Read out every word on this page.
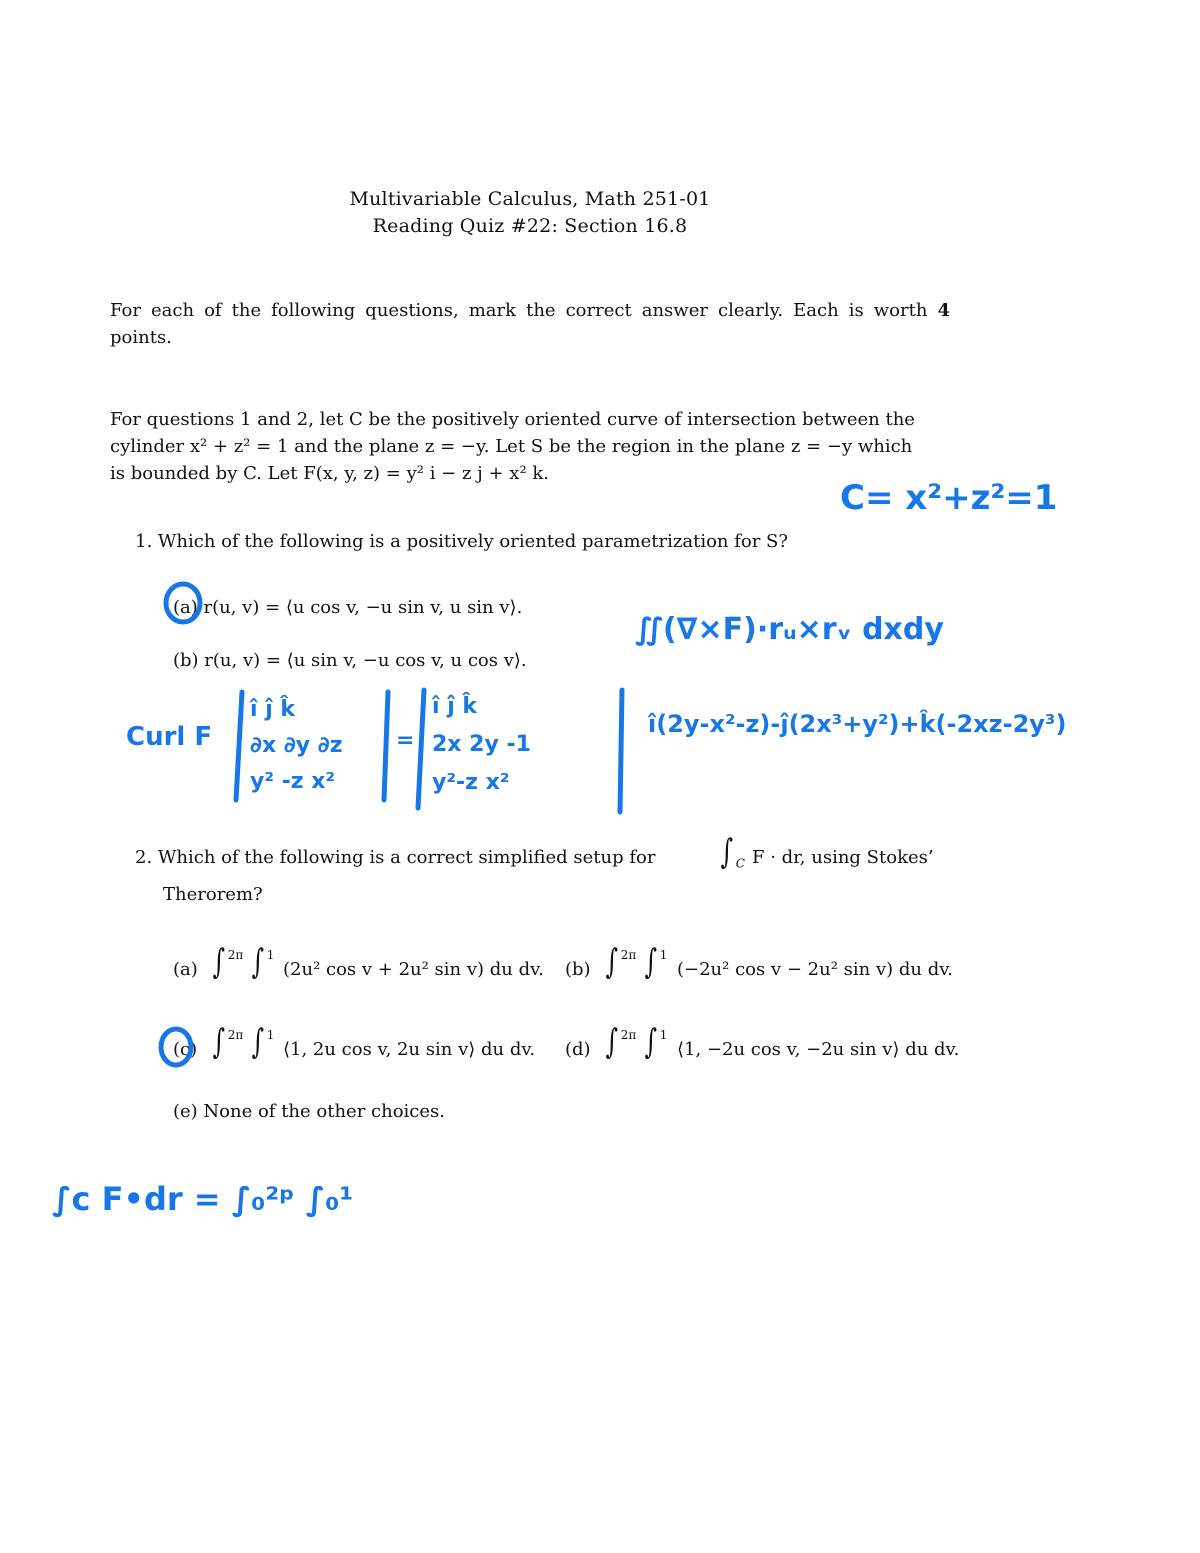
Multivariable Calculus, Math 251-01
Reading Quiz #22: Section 16.8
For each of the following questions, mark the correct answer clearly. Each is worth 4 points.
For questions 1 and 2, let C be the positively oriented curve of intersection between the
cylinder x² + z² = 1 and the plane z = −y. Let S be the region in the plane z = −y which
is bounded by C. Let F(x, y, z) = y² i − z j + x² k.
1. Which of the following is a positively oriented parametrization for S?
(a) r(u, v) = ⟨u cos v, −u sin v, u sin v⟩.
(b) r(u, v) = ⟨u sin v, −u cos v, u cos v⟩.
2. Which of the following is a correct simplified setup for ∫ $_C$ F · dr, using Stokes’
Therorem?
(a) ∫ $^{2\pi}$ ∫ $^1$
(2u² cos v + 2u² sin v) du dv. (b) ∫ $^{2\pi}$ ∫ $^1$
(−2u² cos v − 2u² sin v) du dv.
(c) ∫ $^{2\pi}$ ∫ $^1$
⟨1, 2u cos v, 2u sin v⟩ du dv. (d) ∫ $^{2\pi}$ ∫ $^1$
⟨1, −2u cos v, −2u sin v⟩ du dv.
(e) None of the other choices.
C= x²+z²=1
∬(∇×F)·rᵤ×rᵥ dxdy
Curl F
î ĵ k̂
∂x ∂y ∂z
y² -z x²
=
î ĵ k̂
2x 2y -1
y²-z x²
î(2y-x²-z)-ĵ(2x³+y²)+k̂(-2xz-2y³)
∫c F•dr = ∫₀²ᵖ ∫₀¹
